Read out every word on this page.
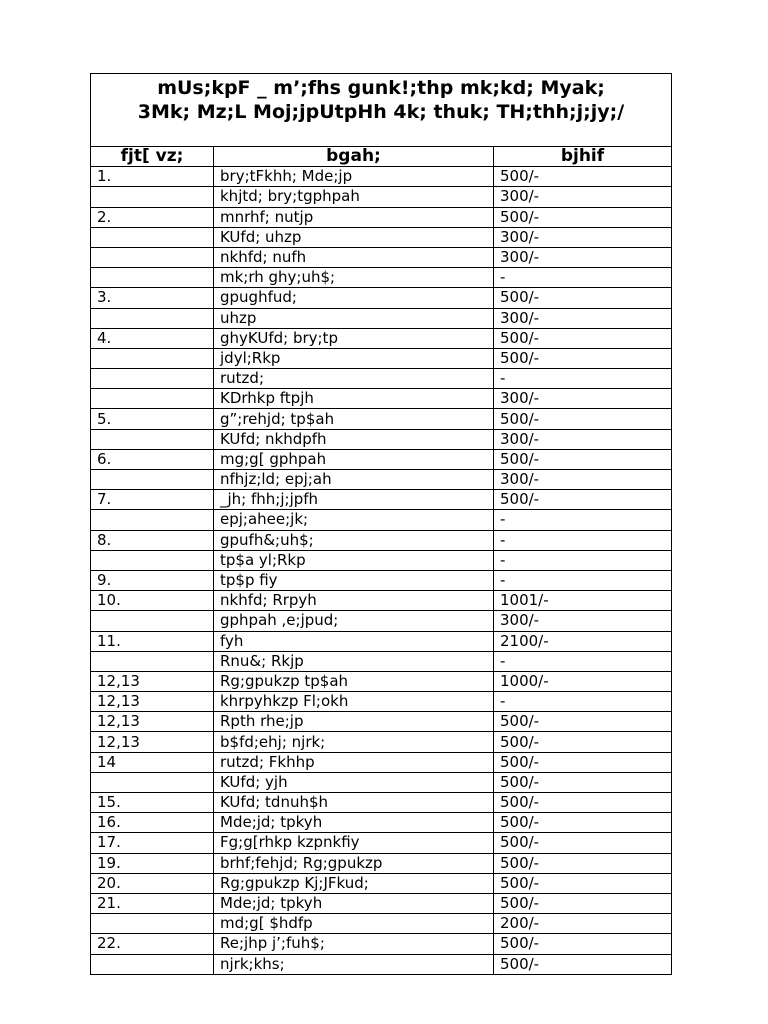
mUs;kpF _ m’;fhs gunk!;thp mk;kd; Myak;
3Mk; Mz;L Moj;jpUtpHh 4k; thuk; TH;thh;j;jy;/		

fjt[ vz;	bgah;	bjhif
1.	bry;tFkhh; Mde;jp	500/-
	khjtd; bry;tgphpah	300/-
2.	mnrhf; nutjp	500/-
	KUfd; uhzp	300/-
	nkhfd; nufh	300/-
	mk;rh ghy;uh$;	-
3.	gpughfud;	500/-
	uhzp	300/-
4.	ghyKUfd; bry;tp	500/-
	jdyl;Rkp	500/-
	rutzd;	-
	KDrhkp ftpjh	300/-
5.	g”;rehjd; tp$ah	500/-
	KUfd; nkhdpfh	300/-
6.	mg;g[ gphpah	500/-
	nfhjz;ld; epj;ah	300/-
7.	_jh; fhh;j;jpfh	500/-
	epj;ahee;jk;	-
8.	gpufh&;uh$;	-
	tp$a yl;Rkp	-
9.	tp$p fiy	-
10.	nkhfd; Rrpyh	1001/-
	gphpah ,e;jpud;	300/-
11.	fyh	2100/-
	Rnu&; Rkjp	-
12,13	Rg;gpukzp tp$ah	1000/-
12,13	khrpyhkzp Fl;okh	-
12,13	Rpth rhe;jp	500/-
12,13	b$fd;ehj; njrk;	500/-
14	rutzd; Fkhhp	500/-
	KUfd; yjh	500/-
15.	KUfd; tdnuh$h	500/-
16.	Mde;jd; tpkyh	500/-
17.	Fg;g[rhkp kzpnkfiy	500/-
19.	brhf;fehjd; Rg;gpukzp	500/-
20.	Rg;gpukzp Kj;JFkud;	500/-
21.	Mde;jd; tpkyh	500/-
	md;g[ $hdfp	200/-
22.	Re;jhp j’;fuh$;	500/-
	njrk;khs;	500/-
